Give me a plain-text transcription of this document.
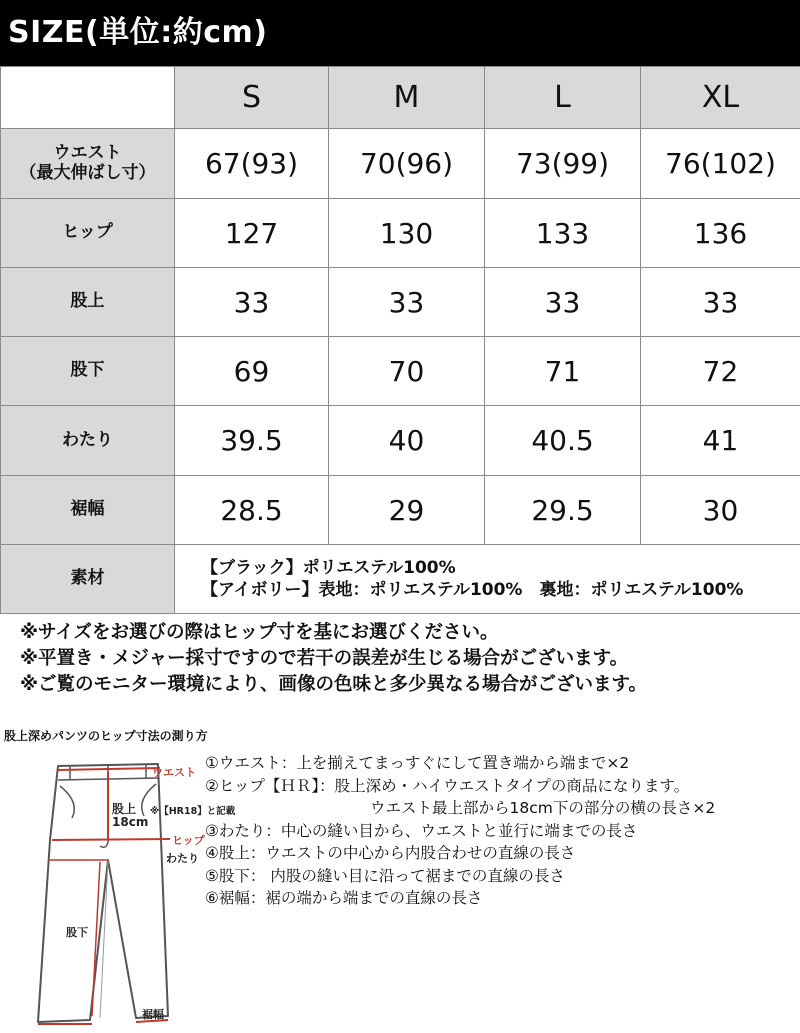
SIZE(単位:約cm)
	S	M	L	XL

ウエスト
（最大伸ばし寸）	67(93)	70(96)	73(99)	76(102)
ヒップ	127	130	133	136
股上	33	33	33	33
股下	69	70	71	72
わたり	39.5	40	40.5	41
裾幅	28.5	29	29.5	30
素材	【ブラック】ポリエステル100%
【アイボリー】表地：ポリエステル100%　裏地：ポリエステル100%			
※サイズをお選びの際はヒップ寸を基にお選びください。
※平置き・メジャー採寸ですので若干の誤差が生じる場合がございます。
※ご覧のモニター環境により、画像の色味と多少異なる場合がございます。
股上深めパンツのヒップ寸法の測り方
ウエスト
股上
18cm
※【HR18】と記載
ヒップ
わたり
股下
裾幅
①ウエスト：上を揃えてまっすぐにして置き端から端まで×2
②ヒップ【ＨＲ】：股上深め・ハイウエストタイプの商品になります。
ウエスト最上部から18cm下の部分の横の長さ×2
③わたり：中心の縫い目から、ウエストと並行に端までの長さ
④股上：ウエストの中心から内股合わせの直線の長さ
⑤股下： 内股の縫い目に沿って裾までの直線の長さ
⑥裾幅：裾の端から端までの直線の長さ
